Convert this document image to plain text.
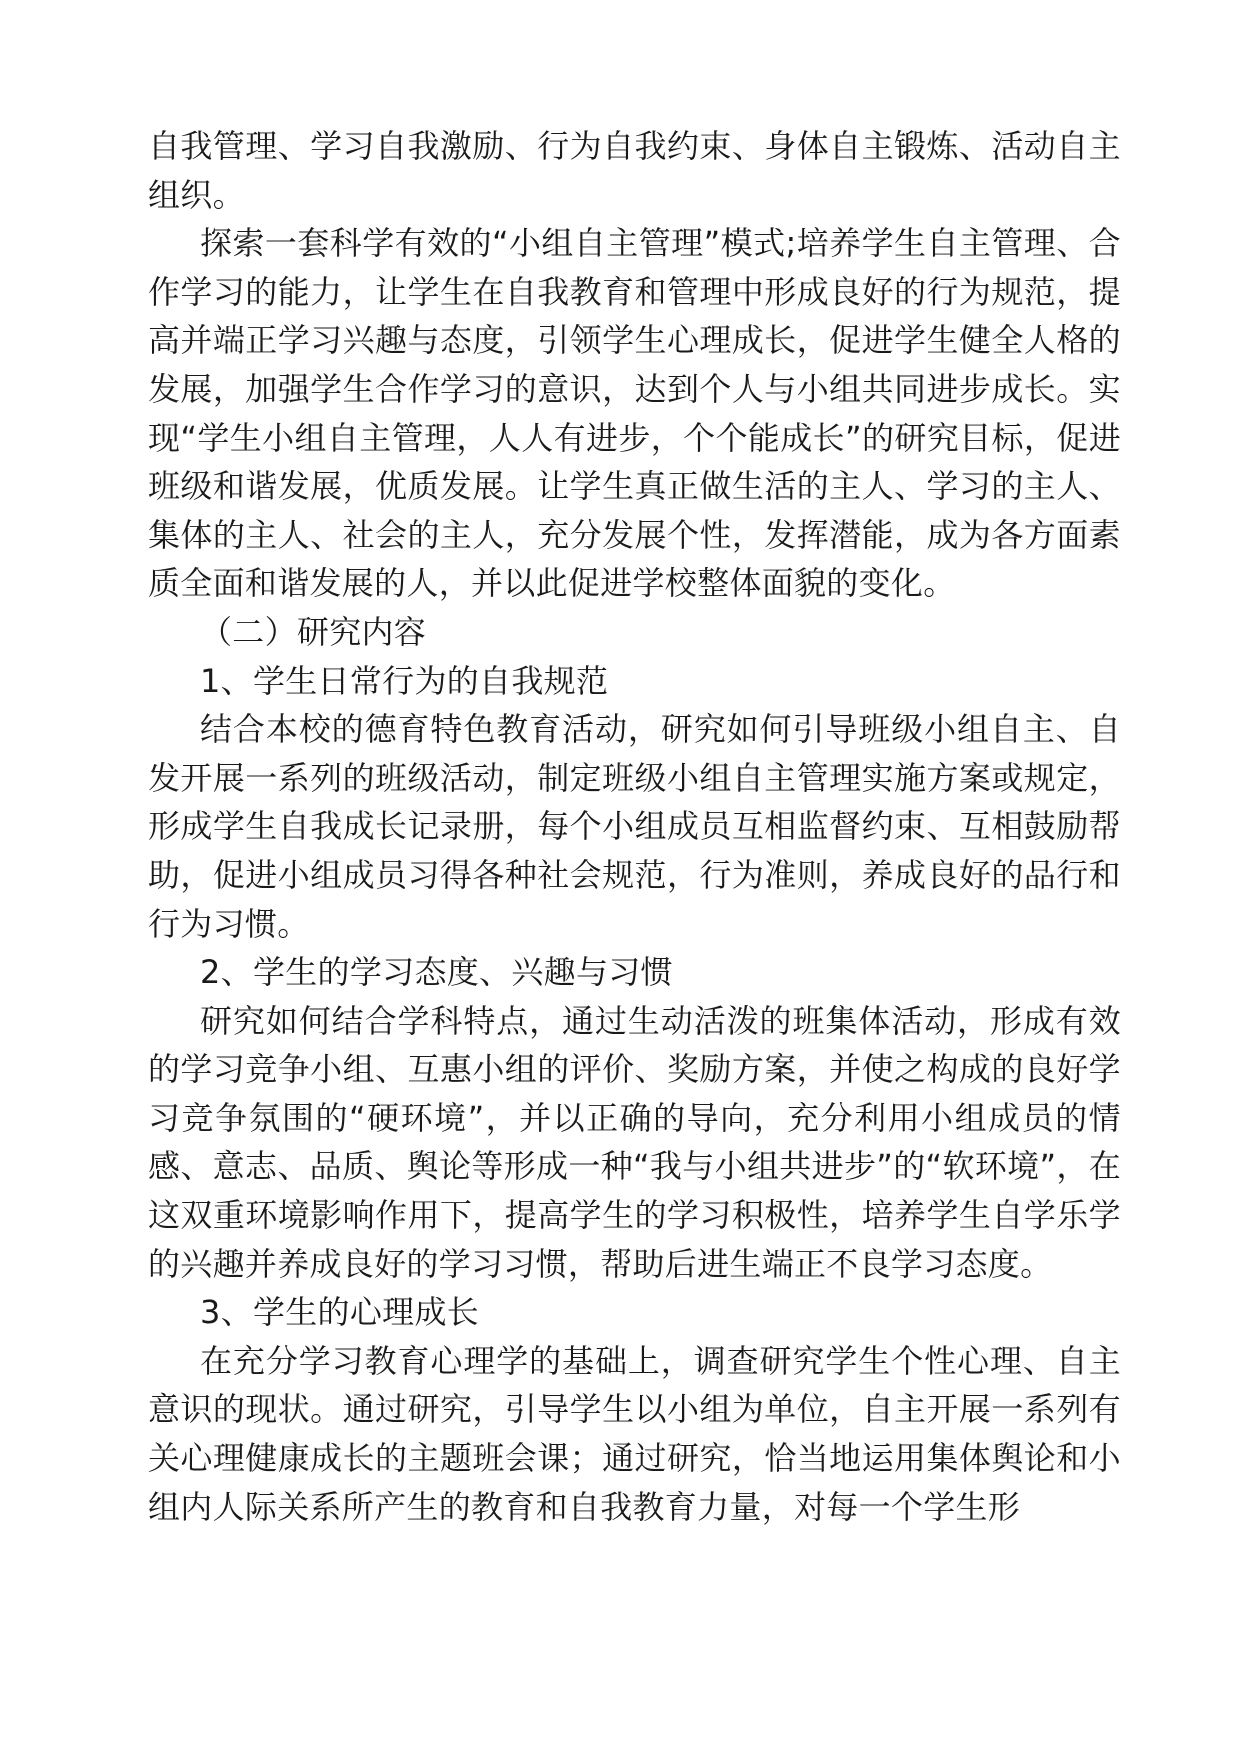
自我管理、学习自我激励、行为自我约束、身体自主锻炼、活动自主组织。

探索一套科学有效的“小组自主管理”模式;培养学生自主管理、合作学习的能力，让学生在自我教育和管理中形成良好的行为规范，提高并端正学习兴趣与态度，引领学生心理成长，促进学生健全人格的发展，加强学生合作学习的意识，达到个人与小组共同进步成长。实现“学生小组自主管理，人人有进步，个个能成长”的研究目标，促进班级和谐发展，优质发展。让学生真正做生活的主人、学习的主人、集体的主人、社会的主人，充分发展个性，发挥潜能，成为各方面素质全面和谐发展的人，并以此促进学校整体面貌的变化。

（二）研究内容

1、学生日常行为的自我规范

结合本校的德育特色教育活动，研究如何引导班级小组自主、自发开展一系列的班级活动，制定班级小组自主管理实施方案或规定，形成学生自我成长记录册，每个小组成员互相监督约束、互相鼓励帮助，促进小组成员习得各种社会规范，行为准则，养成良好的品行和行为习惯。

2、学生的学习态度、兴趣与习惯

研究如何结合学科特点，通过生动活泼的班集体活动，形成有效的学习竞争小组、互惠小组的评价、奖励方案，并使之构成的良好学习竞争氛围的“硬环境”，并以正确的导向，充分利用小组成员的情感、意志、品质、舆论等形成一种“我与小组共进步”的“软环境”，在这双重环境影响作用下，提高学生的学习积极性，培养学生自学乐学的兴趣并养成良好的学习习惯，帮助后进生端正不良学习态度。

3、学生的心理成长

在充分学习教育心理学的基础上，调查研究学生个性心理、自主意识的现状。通过研究，引导学生以小组为单位，自主开展一系列有关心理健康成长的主题班会课；通过研究，恰当地运用集体舆论和小组内人际关系所产生的教育和自我教育力量，对每一个学生形
